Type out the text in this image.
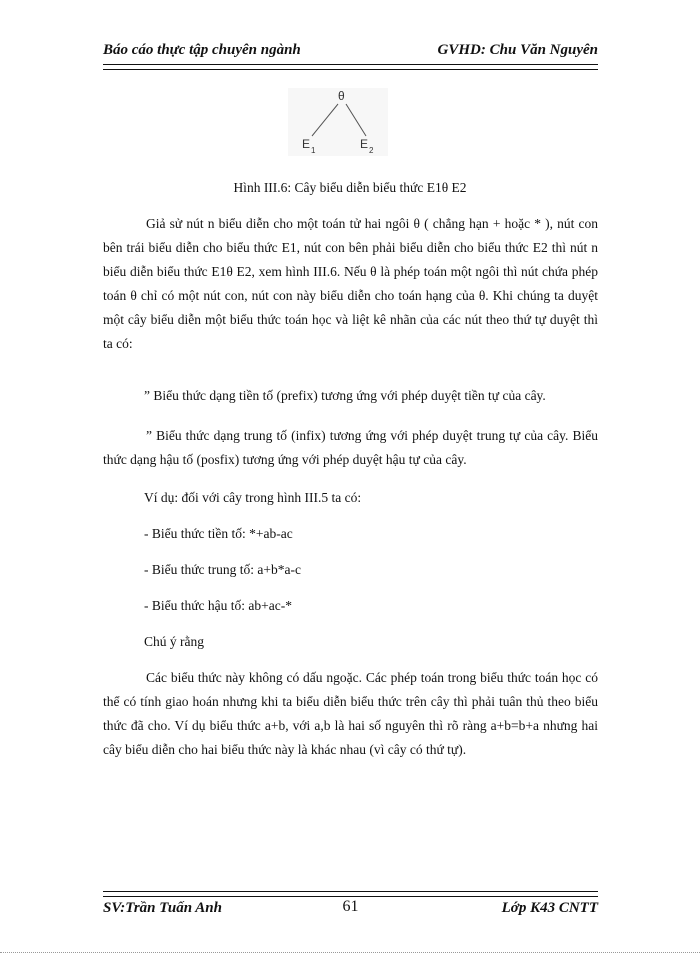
Báo cáo thực tập chuyên ngành	GVHD: Chu Văn Nguyên
θ
E 1	E 2
Hình III.6: Cây biểu diễn biểu thức E1θ E2
Giả sử nút n biểu diễn cho một toán tử hai ngôi θ ( chẳng hạn + hoặc * ), nút con bên trái biểu diễn cho biểu thức E1, nút con bên phải biểu diễn cho biểu thức E2 thì nút n biểu diễn biểu thức E1θ E2, xem hình III.6. Nếu θ là phép toán một ngôi thì nút chứa phép toán θ chỉ có một nút con, nút con này biểu diễn cho toán hạng của θ. Khi chúng ta duyệt một cây biểu diễn một biểu thức toán học và liệt kê nhãn của các nút theo thứ tự duyệt thì ta có:
” Biểu thức dạng tiền tố (prefix) tương ứng với phép duyệt tiền tự của cây.
” Biểu thức dạng trung tố (infix) tương ứng với phép duyệt trung tự của cây. Biểu thức dạng hậu tố (posfix) tương ứng với phép duyệt hậu tự của cây.
Ví dụ: đối với cây trong hình III.5 ta có:
- Biểu thức tiền tố: *+ab-ac
- Biểu thức trung tố: a+b*a-c
- Biểu thức hậu tố: ab+ac-*
Chú ý rằng
Các biểu thức này không có dấu ngoặc. Các phép toán trong biểu thức toán học có thể có tính giao hoán nhưng khi ta biểu diễn biểu thức trên cây thì phải tuân thủ theo biểu thức đã cho. Ví dụ biểu thức a+b, với a,b là hai số nguyên thì rõ ràng a+b=b+a nhưng hai cây biểu diễn cho hai biểu thức này là khác nhau (vì cây có thứ tự).
SV:Trần Tuấn Anh	61	Lớp K43 CNTT
